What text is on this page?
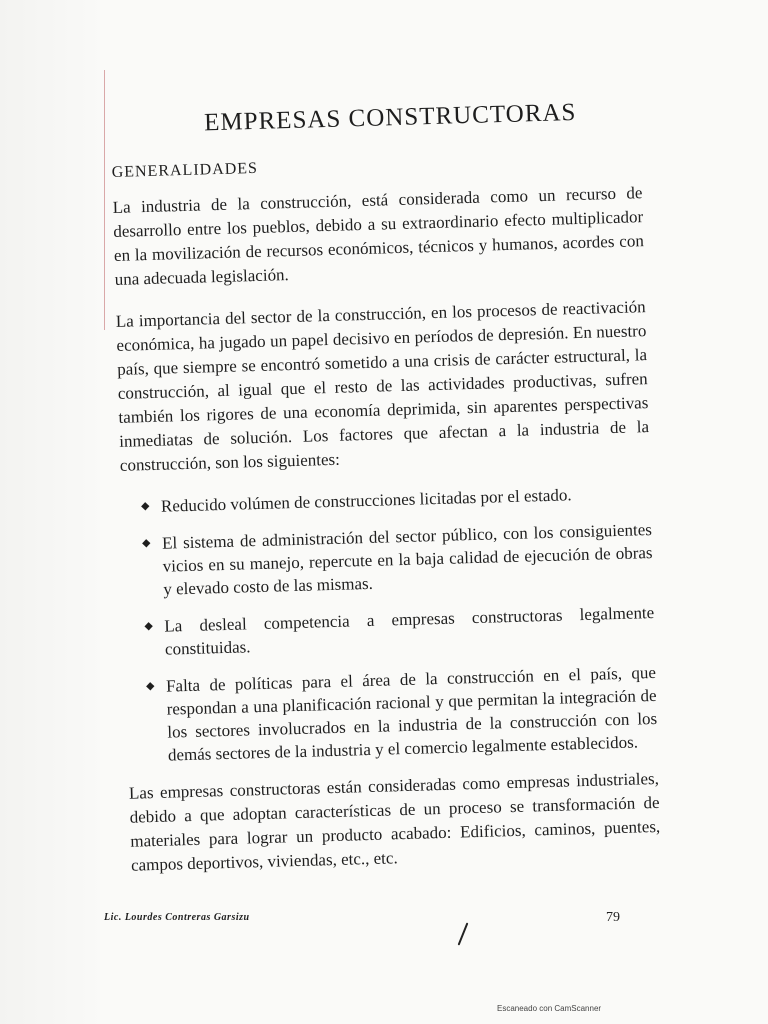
EMPRESAS CONSTRUCTORAS
GENERALIDADES

La industria de la construcción, está considerada como un recurso de desarrollo entre los pueblos, debido a su extraordinario efecto multiplicador en la movilización de recursos económicos, técnicos y humanos, acordes con una adecuada legislación.

La importancia del sector de la construcción, en los procesos de reactivación económica, ha jugado un papel decisivo en períodos de depresión. En nuestro país, que siempre se encontró sometido a una crisis de carácter estructural, la construcción, al igual que el resto de las actividades productivas, sufren también los rigores de una economía deprimida, sin aparentes perspectivas inmediatas de solución. Los factores que afectan a la industria de la construcción, son los siguientes:

◆ Reducido volúmen de construcciones licitadas por el estado.
◆ El sistema de administración del sector público, con los consiguientes vicios en su manejo, repercute en la baja calidad de ejecución de obras y elevado costo de las mismas.
◆ La desleal competencia a empresas constructoras legalmente constituidas.
◆ Falta de políticas para el área de la construcción en el país, que respondan a una planificación racional y que permitan la integración de los sectores involucrados en la industria de la construcción con los demás sectores de la industria y el comercio legalmente establecidos.

Las empresas constructoras están consideradas como empresas industriales, debido a que adoptan características de un proceso se transformación de materiales para lograr un producto acabado: Edificios, caminos, puentes, campos deportivos, viviendas, etc., etc.

Lic. Lourdes Contreras Garsizu	79
Escaneado con CamScanner
